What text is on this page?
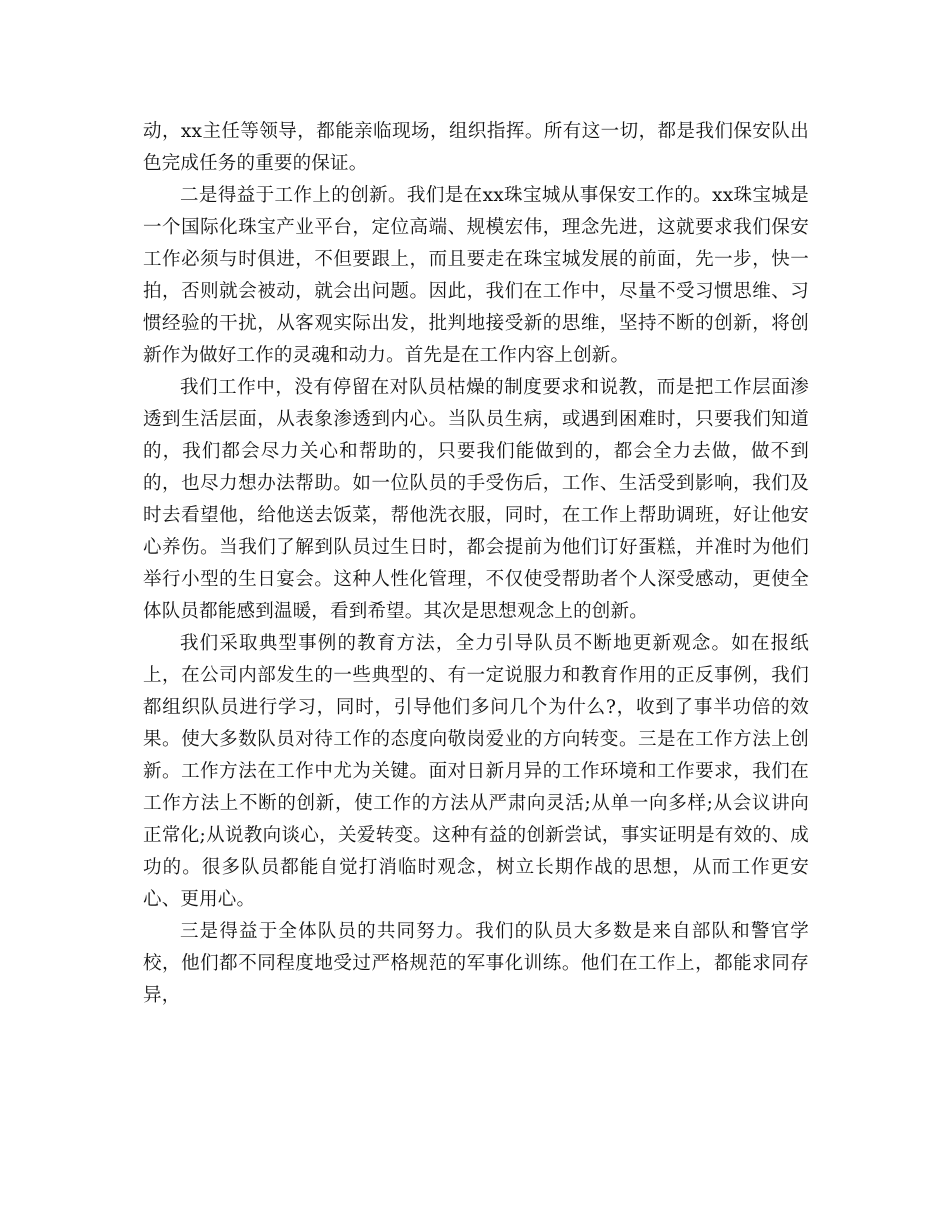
动，xx主任等领导，都能亲临现场，组织指挥。所有这一切，都是我们保安队出色完成任务的重要的保证。

二是得益于工作上的创新。我们是在xx珠宝城从事保安工作的。xx珠宝城是一个国际化珠宝产业平台，定位高端、规模宏伟，理念先进，这就要求我们保安工作必须与时俱进，不但要跟上，而且要走在珠宝城发展的前面，先一步，快一拍，否则就会被动，就会出问题。因此，我们在工作中，尽量不受习惯思维、习惯经验的干扰，从客观实际出发，批判地接受新的思维，坚持不断的创新，将创新作为做好工作的灵魂和动力。首先是在工作内容上创新。

我们工作中，没有停留在对队员枯燥的制度要求和说教，而是把工作层面渗透到生活层面，从表象渗透到内心。当队员生病，或遇到困难时，只要我们知道的，我们都会尽力关心和帮助的，只要我们能做到的，都会全力去做，做不到的，也尽力想办法帮助。如一位队员的手受伤后，工作、生活受到影响，我们及时去看望他，给他送去饭菜，帮他洗衣服，同时，在工作上帮助调班，好让他安心养伤。当我们了解到队员过生日时，都会提前为他们订好蛋糕，并准时为他们举行小型的生日宴会。这种人性化管理，不仅使受帮助者个人深受感动，更使全体队员都能感到温暖，看到希望。其次是思想观念上的创新。

我们采取典型事例的教育方法，全力引导队员不断地更新观念。如在报纸上，在公司内部发生的一些典型的、有一定说服力和教育作用的正反事例，我们都组织队员进行学习，同时，引导他们多问几个为什么?，收到了事半功倍的效果。使大多数队员对待工作的态度向敬岗爱业的方向转变。三是在工作方法上创新。工作方法在工作中尤为关键。面对日新月异的工作环境和工作要求，我们在工作方法上不断的创新，使工作的方法从严肃向灵活;从单一向多样;从会议讲向正常化;从说教向谈心，关爱转变。这种有益的创新尝试，事实证明是有效的、成功的。很多队员都能自觉打消临时观念，树立长期作战的思想，从而工作更安心、更用心。

三是得益于全体队员的共同努力。我们的队员大多数是来自部队和警官学校，他们都不同程度地受过严格规范的军事化训练。他们在工作上，都能求同存异，
